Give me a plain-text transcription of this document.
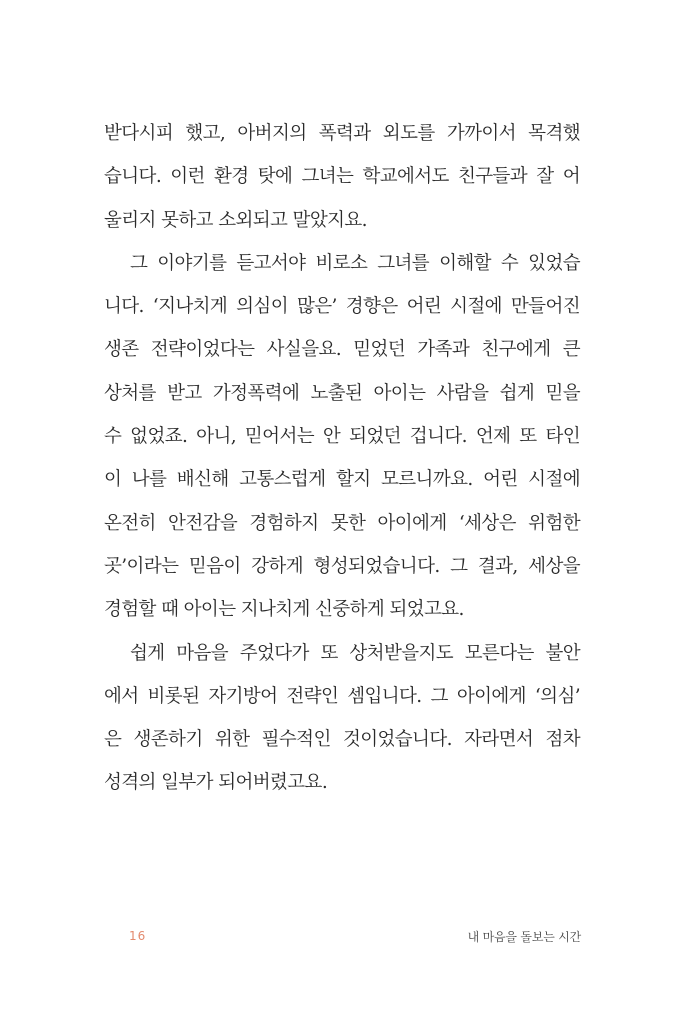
받다시피 했고, 아버지의 폭력과 외도를 가까이서 목격했
습니다. 이런 환경 탓에 그녀는 학교에서도 친구들과 잘 어
울리지 못하고 소외되고 말았지요.
그 이야기를 듣고서야 비로소 그녀를 이해할 수 있었습
니다. ‘지나치게 의심이 많은’ 경향은 어린 시절에 만들어진
생존 전략이었다는 사실을요. 믿었던 가족과 친구에게 큰
상처를 받고 가정폭력에 노출된 아이는 사람을 쉽게 믿을
수 없었죠. 아니, 믿어서는 안 되었던 겁니다. 언제 또 타인
이 나를 배신해 고통스럽게 할지 모르니까요. 어린 시절에
온전히 안전감을 경험하지 못한 아이에게 ‘세상은 위험한
곳’이라는 믿음이 강하게 형성되었습니다. 그 결과, 세상을
경험할 때 아이는 지나치게 신중하게 되었고요.
쉽게 마음을 주었다가 또 상처받을지도 모른다는 불안
에서 비롯된 자기방어 전략인 셈입니다. 그 아이에게 ‘의심’
은 생존하기 위한 필수적인 것이었습니다. 자라면서 점차
성격의 일부가 되어버렸고요.
16	내 마음을 돌보는 시간
